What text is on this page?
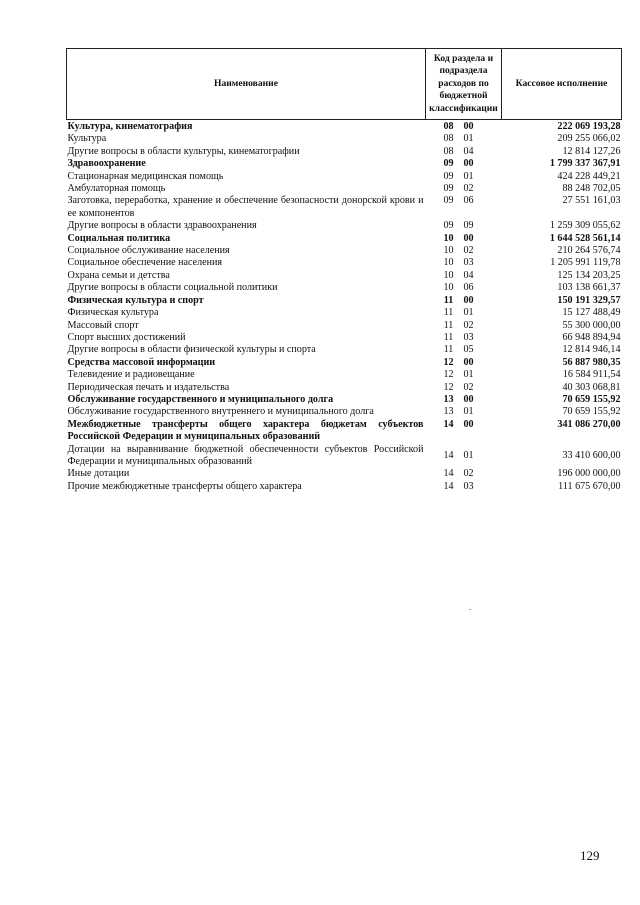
Наименование	Код раздела и подраздела расходов по бюджетной классификации		Кассовое исполнение
Культура, кинематография	08	00	222 069 193,28
Культура	08	01	209 255 066,02
Другие вопросы в области культуры, кинематографии	08	04	12 814 127,26
Здравоохранение	09	00	1 799 337 367,91
Стационарная медицинская помощь	09	01	424 228 449,21
Амбулаторная помощь	09	02	88 248 702,05
Заготовка, переработка, хранение и обеспечение безопасности донорской крови и ее компонентов	09	06	27 551 161,03
Другие вопросы в области здравоохранения	09	09	1 259 309 055,62
Социальная политика	10	00	1 644 528 561,14
Социальное обслуживание населения	10	02	210 264 576,74
Социальное обеспечение населения	10	03	1 205 991 119,78
Охрана семьи и детства	10	04	125 134 203,25
Другие вопросы в области социальной политики	10	06	103 138 661,37
Физическая культура и спорт	11	00	150 191 329,57
Физическая культура	11	01	15 127 488,49
Массовый спорт	11	02	55 300 000,00
Спорт высших достижений	11	03	66 948 894,94
Другие вопросы в области физической культуры и спорта	11	05	12 814 946,14
Средства массовой информации	12	00	56 887 980,35
Телевидение и радиовещание	12	01	16 584 911,54
Периодическая печать и издательства	12	02	40 303 068,81
Обслуживание государственного и муниципального долга	13	00	70 659 155,92
Обслуживание государственного внутреннего и муниципального долга	13	01	70 659 155,92
Межбюджетные трансферты общего характера бюджетам субъектов Российской Федерации и муниципальных образований	14	00	341 086 270,00
Дотации на выравнивание бюджетной обеспеченности субъектов Российской Федерации и муниципальных образований	14	01	33 410 600,00
Иные дотации	14	02	196 000 000,00
Прочие межбюджетные трансферты общего характера	14	03	111 675 670,00
129
